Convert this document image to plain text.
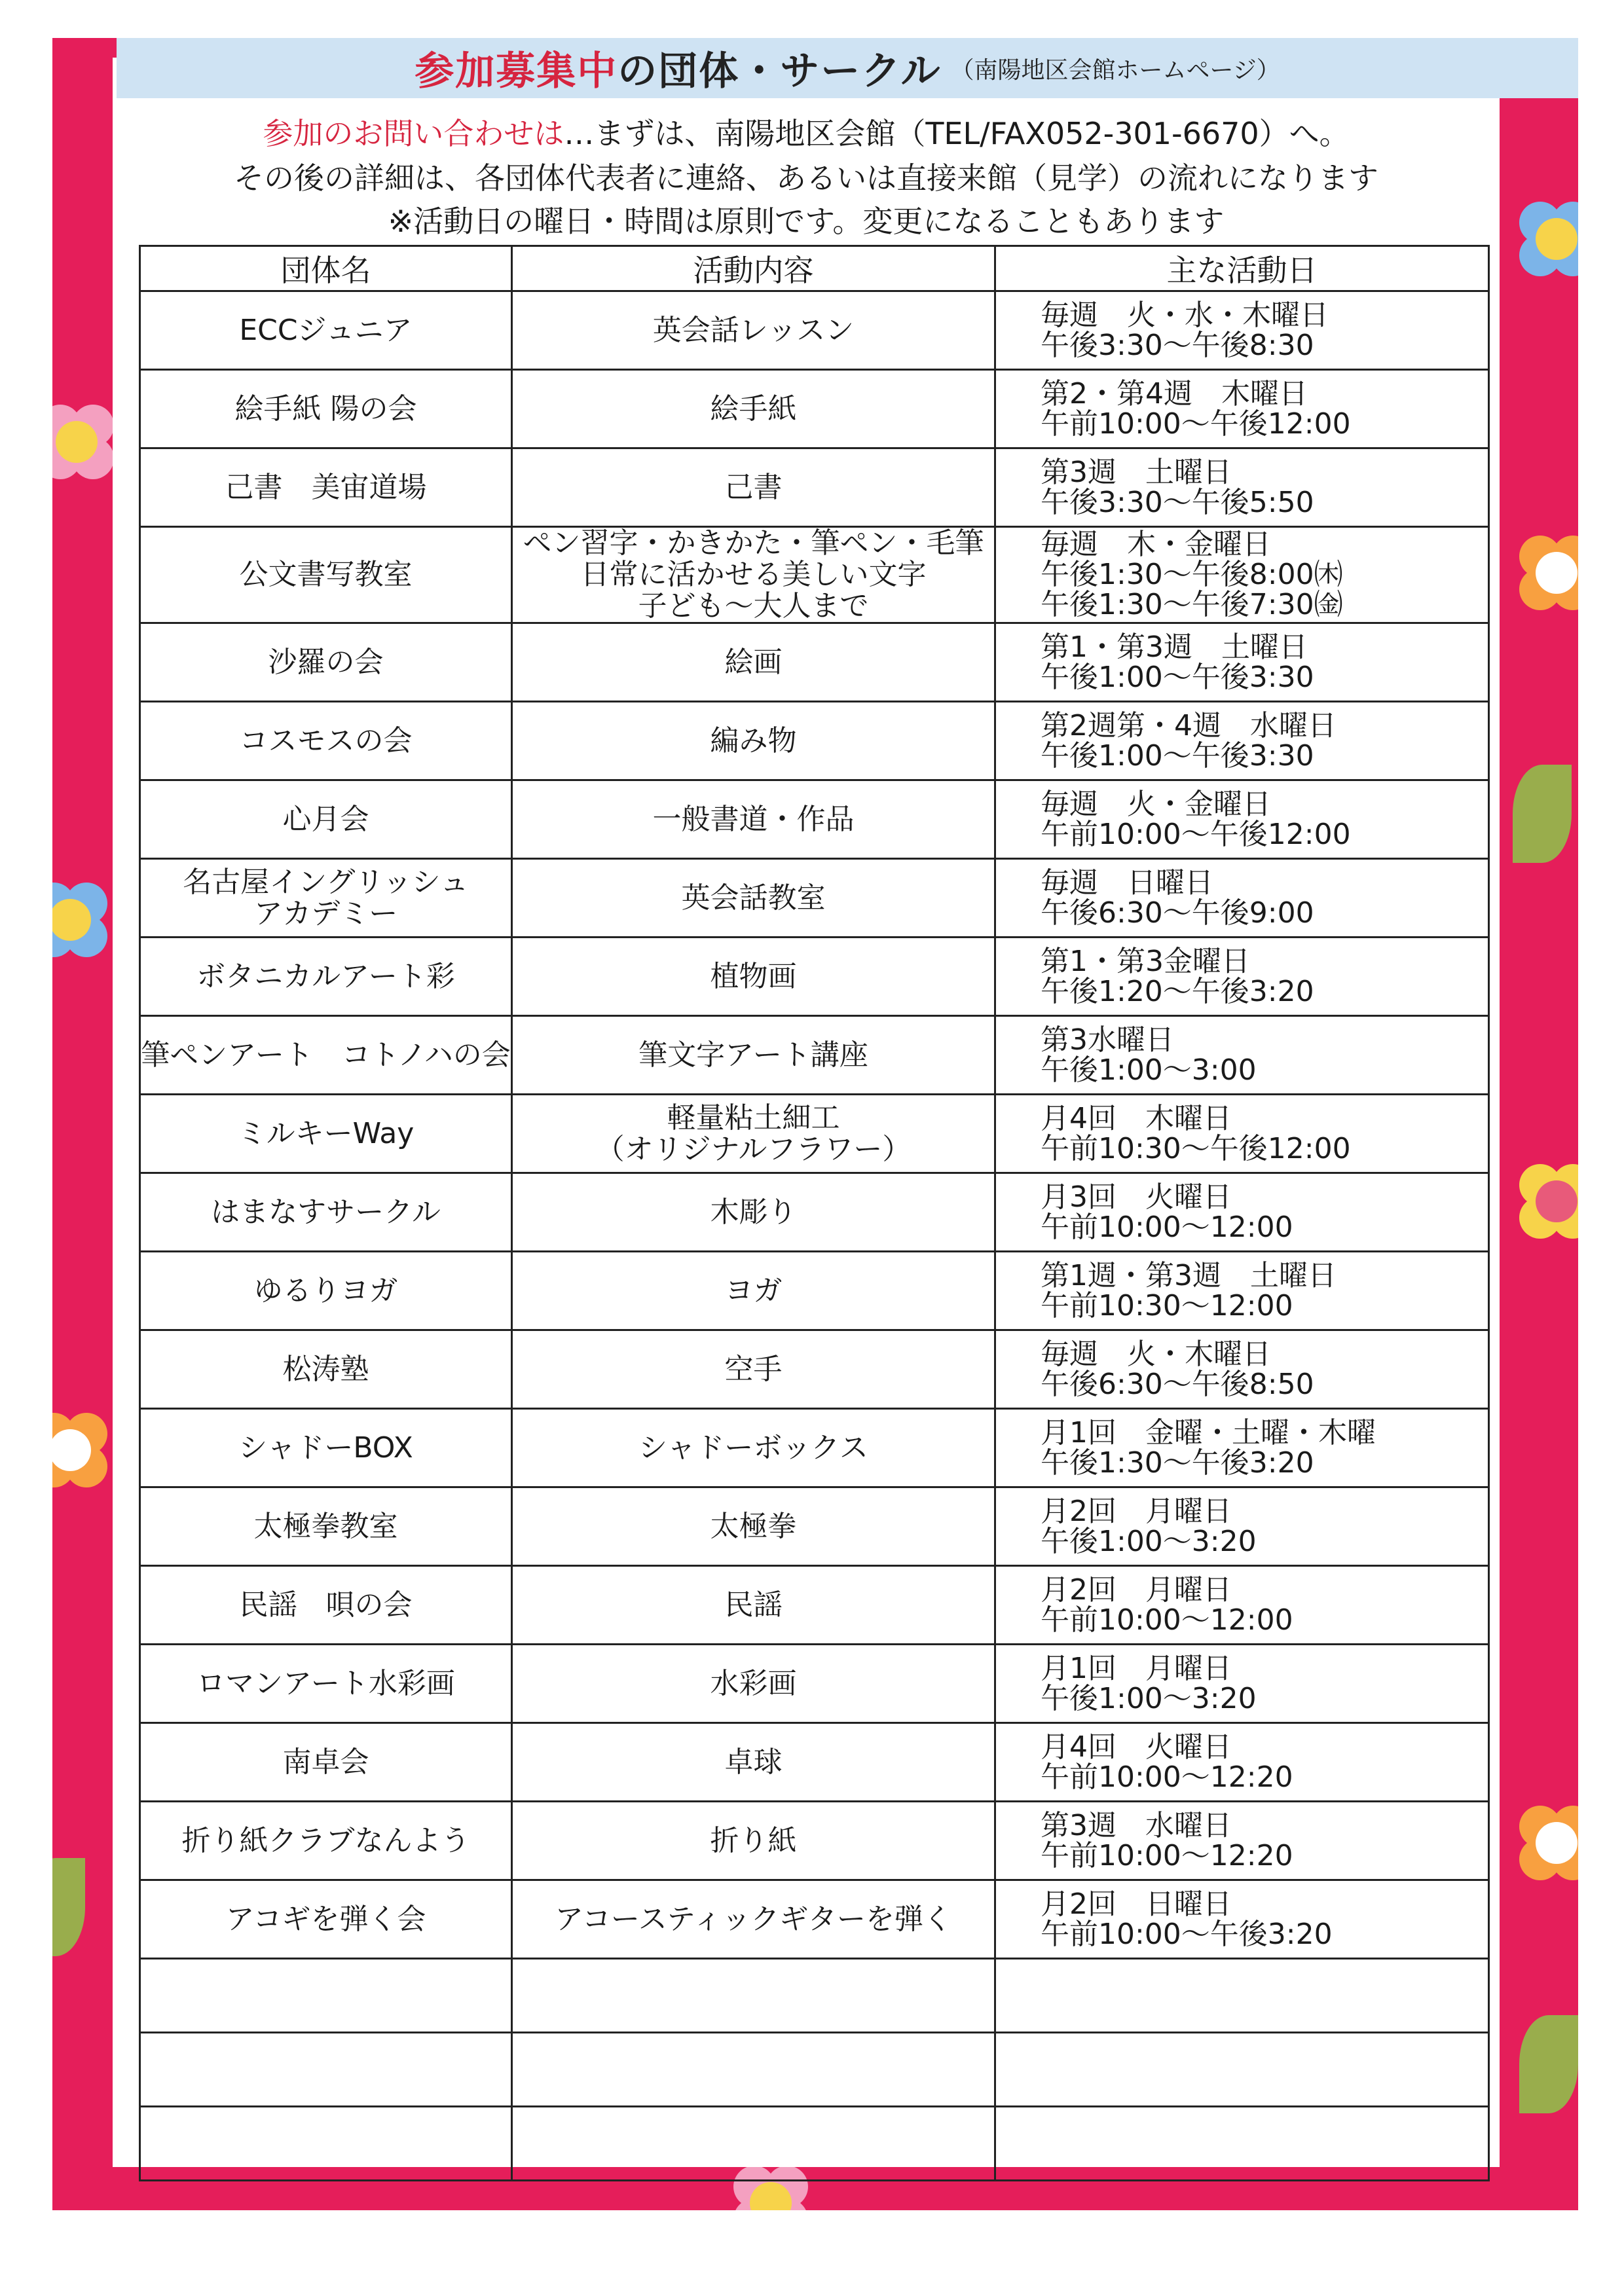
参加募集中 の団体・サークル （南陽地区会館ホームページ）
参加のお問い合わせは…まずは、南陽地区会館（TEL/FAX052-301-6670）へ。
その後の詳細は、各団体代表者に連絡、あるいは直接来館（見学）の流れになります
※活動日の曜日・時間は原則です。変更になることもあります
団体名	活動内容	主な活動日

ECCジュニア	英会話レッスン	毎週　火・水・木曜日
午後3:30～午後8:30

絵手紙 陽の会	絵手紙	第2・第4週　木曜日
午前10:00～午後12:00

己書　美宙道場	己書	第3週　土曜日
午後3:30～午後5:50

公文書写教室	ペン習字・かきかた・筆ペン・毛筆
日常に活かせる美しい文字
子ども～大人まで	毎週　木・金曜日
午後1:30～午後8:00㈭
午後1:30～午後7:30㈮

沙羅の会	絵画	第1・第3週　土曜日
午後1:00～午後3:30

コスモスの会	編み物	第2週第・4週　水曜日
午後1:00～午後3:30

心月会	一般書道・作品	毎週　火・金曜日
午前10:00～午後12:00

名古屋イングリッシュ
アカデミー	英会話教室	毎週　日曜日
午後6:30～午後9:00

ボタニカルアート彩	植物画	第1・第3金曜日
午後1:20～午後3:20

筆ペンアート　コトノハの会	筆文字アート講座	第3水曜日
午後1:00～3:00

ミルキーWay	軽量粘土細工
（オリジナルフラワー）	月4回　木曜日
午前10:30～午後12:00

はまなすサークル	木彫り	月3回　火曜日
午前10:00～12:00

ゆるりヨガ	ヨガ	第1週・第3週　土曜日
午前10:30～12:00

松涛塾	空手	毎週　火・木曜日
午後6:30～午後8:50

シャドーBOX	シャドーボックス	月1回　金曜・土曜・木曜
午後1:30～午後3:20

太極拳教室	太極拳	月2回　月曜日
午後1:00～3:20

民謡　唄の会	民謡	月2回　月曜日
午前10:00～12:00

ロマンアート水彩画	水彩画	月1回　月曜日
午後1:00～3:20

南卓会	卓球	月4回　火曜日
午前10:00～12:20

折り紙クラブなんよう	折り紙	第3週　水曜日
午前10:00～12:20

アコギを弾く会	アコースティックギターを弾く	月2回　日曜日
午前10:00～午後3:20
